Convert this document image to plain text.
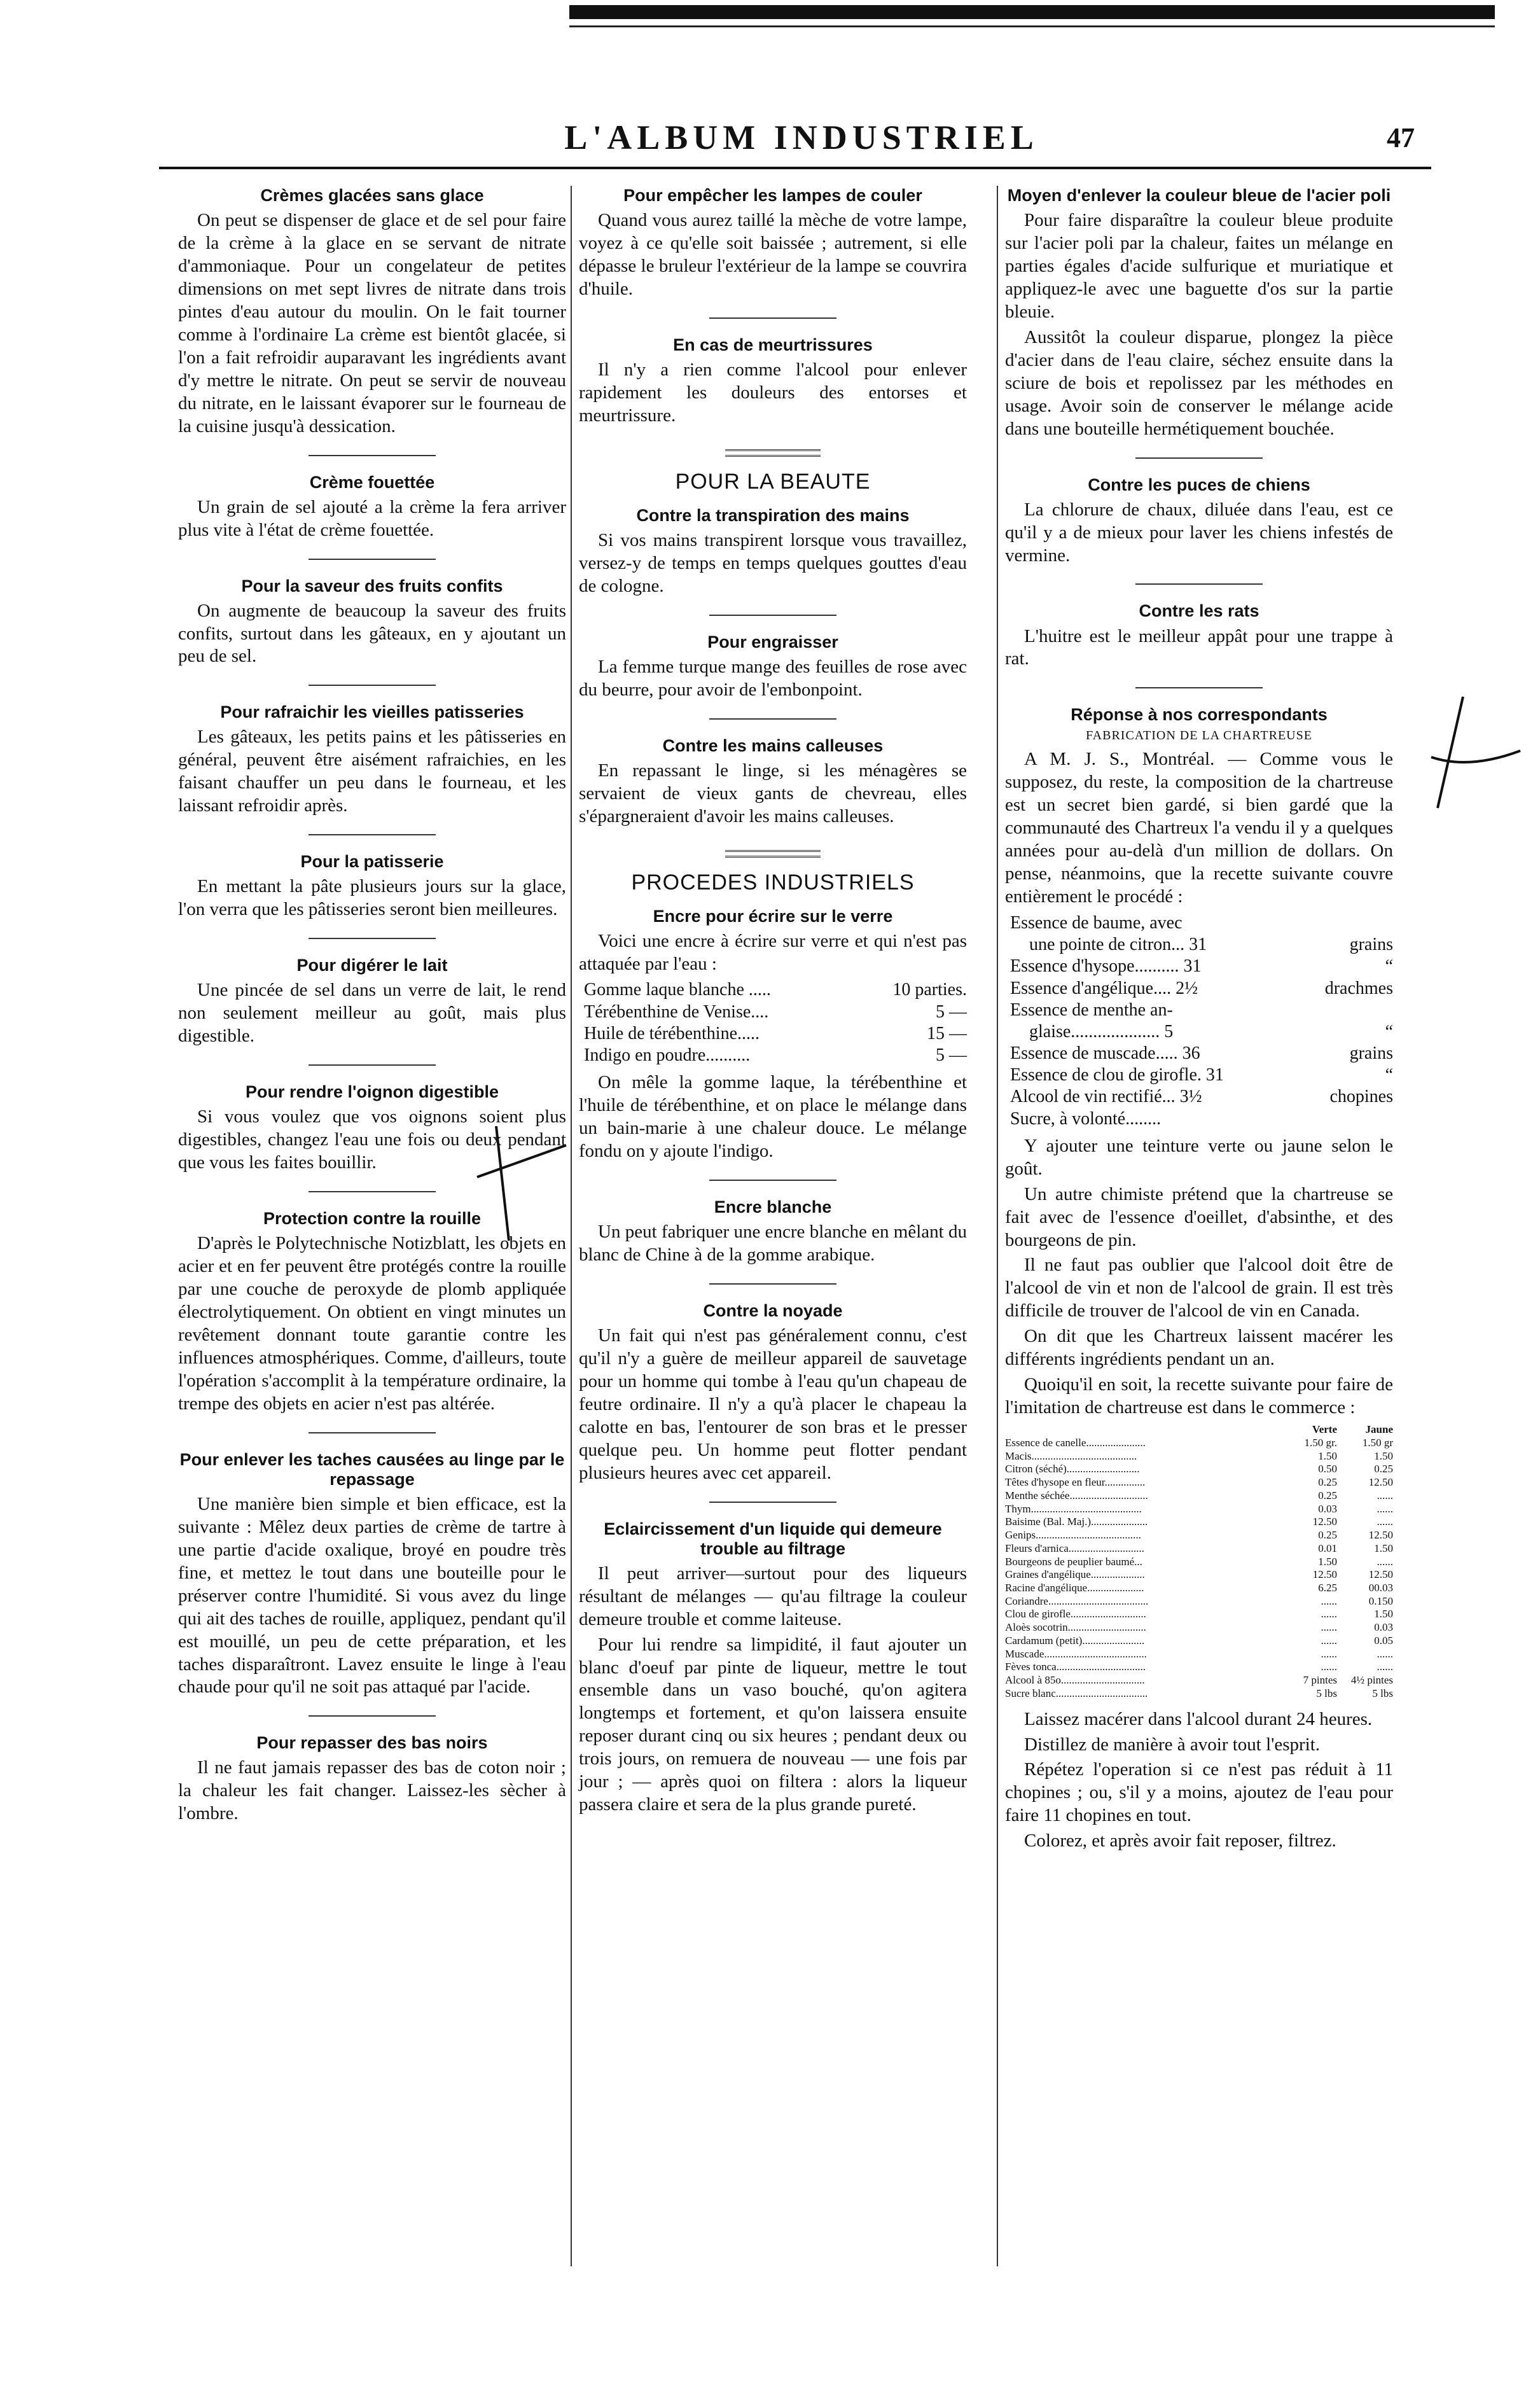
L'ALBUM INDUSTRIEL	47
Crèmes glacées sans glace

On peut se dispenser de glace et de sel pour faire de la crème à la glace en se servant de nitrate d'ammoniaque. Pour un congelateur de petites dimensions on met sept livres de nitrate dans trois pintes d'eau autour du moulin. On le fait tourner comme à l'ordinaire La crème est bientôt glacée, si l'on a fait refroidir auparavant les ingrédients avant d'y mettre le nitrate. On peut se servir de nouveau du nitrate, en le laissant évaporer sur le fourneau de la cuisine jusqu'à dessication.

Crème fouettée

Un grain de sel ajouté a la crème la fera arriver plus vite à l'état de crème fouettée.

Pour la saveur des fruits confits

On augmente de beaucoup la saveur des fruits confits, surtout dans les gâteaux, en y ajoutant un peu de sel.

Pour rafraichir les vieilles patisseries

Les gâteaux, les petits pains et les pâtisseries en général, peuvent être aisément rafraichies, en les faisant chauffer un peu dans le fourneau, et les laissant refroidir après.

Pour la patisserie

En mettant la pâte plusieurs jours sur la glace, l'on verra que les pâtisseries seront bien meilleures.

Pour digérer le lait

Une pincée de sel dans un verre de lait, le rend non seulement meilleur au goût, mais plus digestible.

Pour rendre l'oignon digestible

Si vous voulez que vos oignons soient plus digestibles, changez l'eau une fois ou deux pendant que vous les faites bouillir.

Protection contre la rouille

D'après le Polytechnische Notizblatt, les objets en acier et en fer peuvent être protégés contre la rouille par une couche de peroxyde de plomb appliquée électrolytiquement. On obtient en vingt minutes un revêtement donnant toute garantie contre les influences atmosphériques. Comme, d'ailleurs, toute l'opération s'accomplit à la température ordinaire, la trempe des objets en acier n'est pas altérée.

Pour enlever les taches causées au linge par le repassage

Une manière bien simple et bien efficace, est la suivante : Mêlez deux parties de crème de tartre à une partie d'acide oxalique, broyé en poudre très fine, et mettez le tout dans une bouteille pour le préserver contre l'humidité. Si vous avez du linge qui ait des taches de rouille, appliquez, pendant qu'il est mouillé, un peu de cette préparation, et les taches disparaîtront. Lavez ensuite le linge à l'eau chaude pour qu'il ne soit pas attaqué par l'acide.

Pour repasser des bas noirs

Il ne faut jamais repasser des bas de coton noir ; la chaleur les fait changer. Laissez-les sècher à l'ombre.

Pour empêcher les lampes de couler

Quand vous aurez taillé la mèche de votre lampe, voyez à ce qu'elle soit baissée ; autrement, si elle dépasse le bruleur l'extérieur de la lampe se couvrira d'huile.

En cas de meurtrissures

Il n'y a rien comme l'alcool pour enlever rapidement les douleurs des entorses et meurtrissure.

POUR LA BEAUTE
Contre la transpiration des mains

Si vos mains transpirent lorsque vous travaillez, versez-y de temps en temps quelques gouttes d'eau de cologne.

Pour engraisser

La femme turque mange des feuilles de rose avec du beurre, pour avoir de l'embonpoint.

Contre les mains calleuses

En repassant le linge, si les ménagères se servaient de vieux gants de chevreau, elles s'épargneraient d'avoir les mains calleuses.

PROCEDES INDUSTRIELS
Encre pour écrire sur le verre

Voici une encre à écrire sur verre et qui n'est pas attaquée par l'eau :

Gomme laque blanche .....	10 parties.
Térébenthine de Venise....	5 —
Huile de térébenthine.....	15 —
Indigo en poudre..........	5 —

On mêle la gomme laque, la térébenthine et l'huile de térébenthine, et on place le mélange dans un bain-marie à une chaleur douce. Le mélange fondu on y ajoute l'indigo.

Encre blanche

Un peut fabriquer une encre blanche en mêlant du blanc de Chine à de la gomme arabique.

Contre la noyade

Un fait qui n'est pas généralement connu, c'est qu'il n'y a guère de meilleur appareil de sauvetage pour un homme qui tombe à l'eau qu'un chapeau de feutre ordinaire. Il n'y a qu'à placer le chapeau la calotte en bas, l'entourer de son bras et le presser quelque peu. Un homme peut flotter pendant plusieurs heures avec cet appareil.

Eclaircissement d'un liquide qui demeure trouble au filtrage

Il peut arriver—surtout pour des liqueurs résultant de mélanges — qu'au filtrage la couleur demeure trouble et comme laiteuse.

Pour lui rendre sa limpidité, il faut ajouter un blanc d'oeuf par pinte de liqueur, mettre le tout ensemble dans un vaso bouché, qu'on agitera longtemps et fortement, et qu'on laissera ensuite reposer durant cinq ou six heures ; pendant deux ou trois jours, on remuera de nouveau — une fois par jour ; — après quoi on filtera : alors la liqueur passera claire et sera de la plus grande pureté.

Moyen d'enlever la couleur bleue de l'acier poli

Pour faire disparaître la couleur bleue produite sur l'acier poli par la chaleur, faites un mélange en parties égales d'acide sulfurique et muriatique et appliquez-le avec une baguette d'os sur la partie bleuie.

Aussitôt la couleur disparue, plongez la pièce d'acier dans de l'eau claire, séchez ensuite dans la sciure de bois et repolissez par les méthodes en usage. Avoir soin de conserver le mélange acide dans une bouteille hermétiquement bouchée.

Contre les puces de chiens

La chlorure de chaux, diluée dans l'eau, est ce qu'il y a de mieux pour laver les chiens infestés de vermine.

Contre les rats

L'huitre est le meilleur appât pour une trappe à rat.

Réponse à nos correspondants
FABRICATION DE LA CHARTREUSE

A M. J. S., Montréal. — Comme vous le supposez, du reste, la composition de la chartreuse est un secret bien gardé, si bien gardé que la communauté des Chartreux l'a vendu il y a quelques années pour au-delà d'un million de dollars. On pense, néanmoins, que la recette suivante couvre entièrement le procédé :

Essence de baume, avec
une pointe de citron... 31	grains
Essence d'hysope.......... 31	“
Essence d'angélique.... 2½	drachmes
Essence de menthe an-
glaise.................... 5	“
Essence de muscade..... 36	grains
Essence de clou de girofle. 31	“
Alcool de vin rectifié... 3½	chopines
Sucre, à volonté........

Y ajouter une teinture verte ou jaune selon le goût.

Un autre chimiste prétend que la chartreuse se fait avec de l'essence d'oeillet, d'absinthe, et des bourgeons de pin.

Il ne faut pas oublier que l'alcool doit être de l'alcool de vin et non de l'alcool de grain. Il est très difficile de trouver de l'alcool de vin en Canada.

On dit que les Chartreux laissent macérer les différents ingrédients pendant un an.

Quoiqu'il en soit, la recette suivante pour faire de l'imitation de chartreuse est dans le commerce :

Verte	Jaune
Essence de canelle......................	1.50 gr.	1.50 gr
Macis.......................................	1.50	1.50
Citron (séché)...........................	0.50	0.25
Têtes d'hysope en fleur...............	0.25	12.50
Menthe séchée.............................	0.25	......
Thym.........................................	0.03	......
Baisime (Bal. Maj.).....................	12.50	......
Genips.......................................	0.25	12.50
Fleurs d'arnica............................	0.01	1.50
Bourgeons de peuplier baumé...	1.50	......
Graines d'angélique....................	12.50	12.50
Racine d'angélique.....................	6.25	00.03
Coriandre.....................................	......	0.150
Clou de girofle............................	......	1.50
Aloès socotrin.............................	......	0.03
Cardamum (petit).......................	......	0.05
Muscade......................................	......	......
Fèves tonca.................................	......	......
Alcool à 85o...............................	7 pintes	4½ pintes
Sucre blanc..................................	5 lbs	5 lbs

Laissez macérer dans l'alcool durant 24 heures.

Distillez de manière à avoir tout l'esprit.

Répétez l'operation si ce n'est pas réduit à 11 chopines ; ou, s'il y a moins, ajoutez de l'eau pour faire 11 chopines en tout.

Colorez, et après avoir fait reposer, filtrez.
